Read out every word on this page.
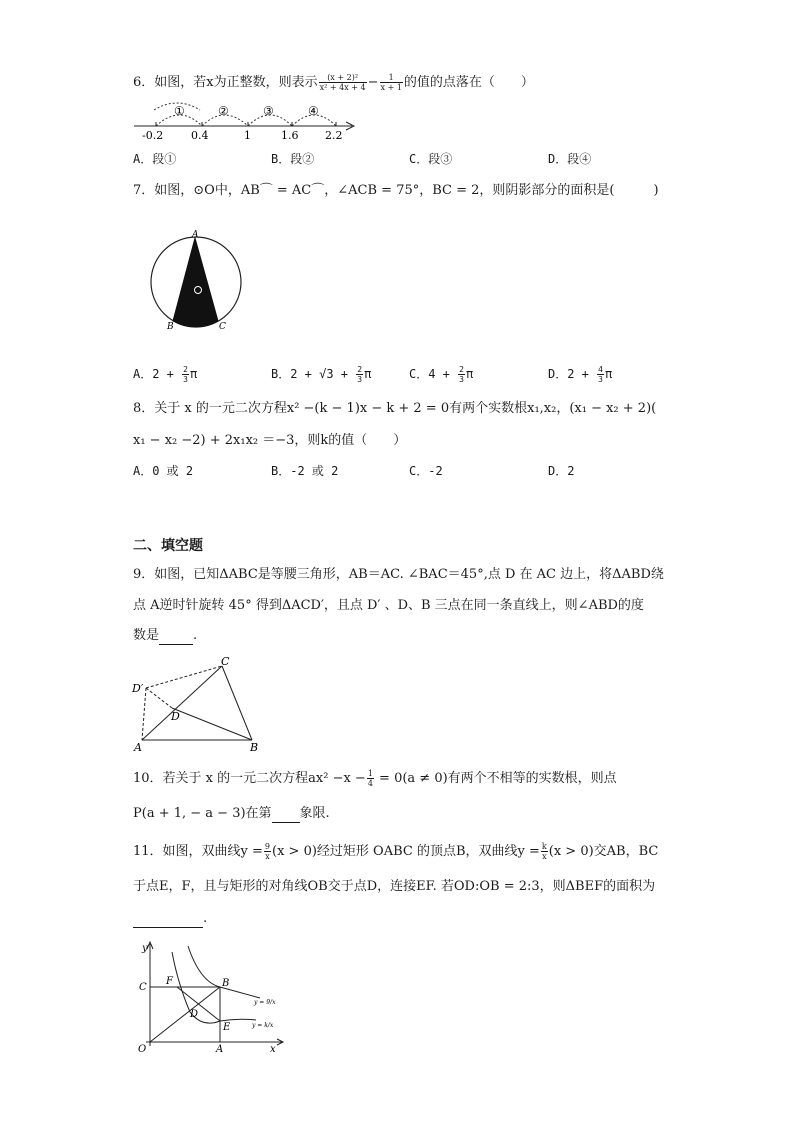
6．如图，若x为正整数，则表示 $\frac{\text{(x + 2)²}}{\text{x² + 4x + 4}} - \frac{1}{x + 1}$ 的值的点落在（　　）
①	②	③	④
-0.2	0.4	1	1.6 2.2
A．段①	B．段②	C．段③	D．段④
7．如图，⊙O中，AB⌒ = AC⌒，∠ACB = 75°，BC = 2，则阴影部分的面积是(　　　)
A
B	C
A．$2 + \frac{2}{3}$ π	B．$2 + √3 + \frac{2}{3}$ π	C．$4 + \frac{2}{3}$ π	D．$2 + \frac{4}{3}$ π
8．关于 x 的一元二次方程x² −(k − 1)x − k + 2 = 0有两个实数根x₁,x₂，(x₁ − x₂ + 2)(
x₁ − x₂ −2) + 2x₁x₂ ＝−3，则k的值（　　）
A．0 或 2	B．-2 或 2	C．-2	D．2
二、填空题
9．如图，已知ΔABC是等腰三角形，AB＝AC. ∠BAC＝45°,点 D 在 AC 边上，将ΔABD绕
点 A逆时针旋转 45° 得到ΔACD′，且点 D′ 、D、B 三点在同一条直线上，则∠ABD的度
数是	.
A	B
C
D
D′
10．若关于 x 的一元二次方程$ax^2 -x - \frac{1}{4} = 0(a \ne 0)$有两个不相等的实数根，则点
P(a + 1, − a − 3)在第 象限.
11．如图，双曲线$y = \frac{9}{x} (x > 0)$经过矩形 OABC 的顶点B，双曲线$y = \frac{k}{x} (x > 0)$交AB，BC
于点E，F，且与矩形的对角线OB交于点D，连接EF. 若OD:OB = 2:3，则ΔBEF的面积为
.
y
x
O	A
B
C
D
E
F
y = 9/x
y = k/x
